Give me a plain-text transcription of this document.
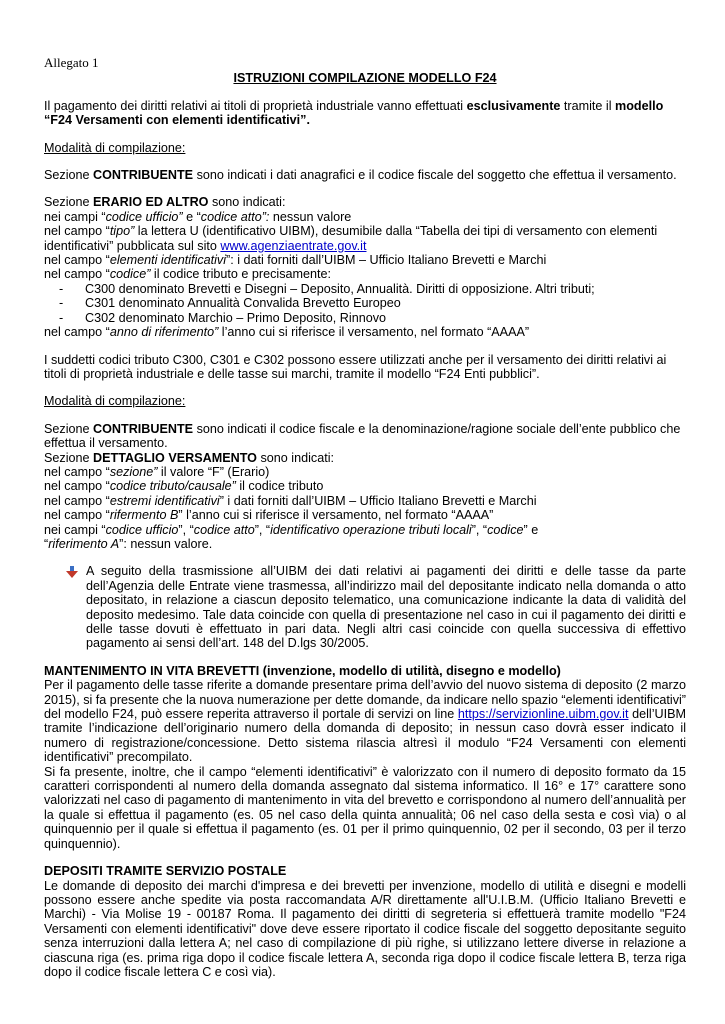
Allegato 1

ISTRUZIONI COMPILAZIONE MODELLO F24

Il pagamento dei diritti relativi ai titoli di proprietà industriale vanno effettuati esclusivamente tramite il modello “F24 Versamenti con elementi identificativi”.

Modalità di compilazione:

Sezione CONTRIBUENTE sono indicati i dati anagrafici e il codice fiscale del soggetto che effettua il versamento.

Sezione ERARIO ED ALTRO sono indicati:

nei campi “codice ufficio” e “codice atto”: nessun valore

nel campo “tipo” la lettera U (identificativo UIBM), desumibile dalla “Tabella dei tipi di versamento con elementi identificativi” pubblicata sul sito www.agenziaentrate.gov.it

nel campo “elementi identificativi”: i dati forniti dall’UIBM – Ufficio Italiano Brevetti e Marchi

nel campo “codice” il codice tributo e precisamente:

- C300 denominato Brevetti e Disegni – Deposito, Annualità. Diritti di opposizione. Altri tributi;

- C301 denominato Annualità Convalida Brevetto Europeo

- C302 denominato Marchio – Primo Deposito, Rinnovo

nel campo “anno di riferimento” l’anno cui si riferisce il versamento, nel formato “AAAA”

I suddetti codici tributo C300, C301 e C302 possono essere utilizzati anche per il versamento dei diritti relativi ai titoli di proprietà industriale e delle tasse sui marchi, tramite il modello “F24 Enti pubblici”.

Modalità di compilazione:

Sezione CONTRIBUENTE sono indicati il codice fiscale e la denominazione/ragione sociale dell’ente pubblico che effettua il versamento.

Sezione DETTAGLIO VERSAMENTO sono indicati:

nel campo “sezione” il valore “F” (Erario)

nel campo “codice tributo/causale” il codice tributo

nel campo “estremi identificativi” i dati forniti dall’UIBM – Ufficio Italiano Brevetti e Marchi

nel campo “rifermento B” l’anno cui si riferisce il versamento, nel formato “AAAA”

nei campi “codice ufficio”, “codice atto”, “identificativo operazione tributi locali”, “codice” e

“riferimento A”: nessun valore.

A seguito della trasmissione all’UIBM dei dati relativi ai pagamenti dei diritti e delle tasse da parte dell’Agenzia delle Entrate viene trasmessa, all’indirizzo mail del depositante indicato nella domanda o atto depositato, in relazione a ciascun deposito telematico, una comunicazione indicante la data di validità del deposito medesimo. Tale data coincide con quella di presentazione nel caso in cui il pagamento dei diritti e delle tasse dovuti è effettuato in pari data. Negli altri casi coincide con quella successiva di effettivo pagamento ai sensi dell’art. 148 del D.lgs 30/2005.

MANTENIMENTO IN VITA BREVETTI (invenzione, modello di utilità, disegno e modello)

Per il pagamento delle tasse riferite a domande presentare prima dell’avvio del nuovo sistema di deposito (2 marzo 2015), si fa presente che la nuova numerazione per dette domande, da indicare nello spazio “elementi identificativi” del modello F24, può essere reperita attraverso il portale di servizi on line https://servizionline.uibm.gov.it dell’UIBM tramite l’indicazione dell’originario numero della domanda di deposito; in nessun caso dovrà esser indicato il numero di registrazione/concessione. Detto sistema rilascia altresì il modulo “F24 Versamenti con elementi identificativi” precompilato.

Si fa presente, inoltre, che il campo “elementi identificativi” è valorizzato con il numero di deposito formato da 15 caratteri corrispondenti al numero della domanda assegnato dal sistema informatico. Il 16° e 17° carattere sono valorizzati nel caso di pagamento di mantenimento in vita del brevetto e corrispondono al numero dell’annualità per la quale si effettua il pagamento (es. 05 nel caso della quinta annualità; 06 nel caso della sesta e così via) o al quinquennio per il quale si effettua il pagamento (es. 01 per il primo quinquennio, 02 per il secondo, 03 per il terzo quinquennio).

DEPOSITI TRAMITE SERVIZIO POSTALE

Le domande di deposito dei marchi d'impresa e dei brevetti per invenzione, modello di utilità e disegni e modelli possono essere anche spedite via posta raccomandata A/R direttamente all'U.I.B.M. (Ufficio Italiano Brevetti e Marchi) - Via Molise 19 - 00187 Roma. Il pagamento dei diritti di segreteria si effettuerà tramite modello "F24 Versamenti con elementi identificativi" dove deve essere riportato il codice fiscale del soggetto depositante seguito senza interruzioni dalla lettera A; nel caso di compilazione di più righe, si utilizzano lettere diverse in relazione a ciascuna riga (es. prima riga dopo il codice fiscale lettera A, seconda riga dopo il codice fiscale lettera B, terza riga dopo il codice fiscale lettera C e così via).
